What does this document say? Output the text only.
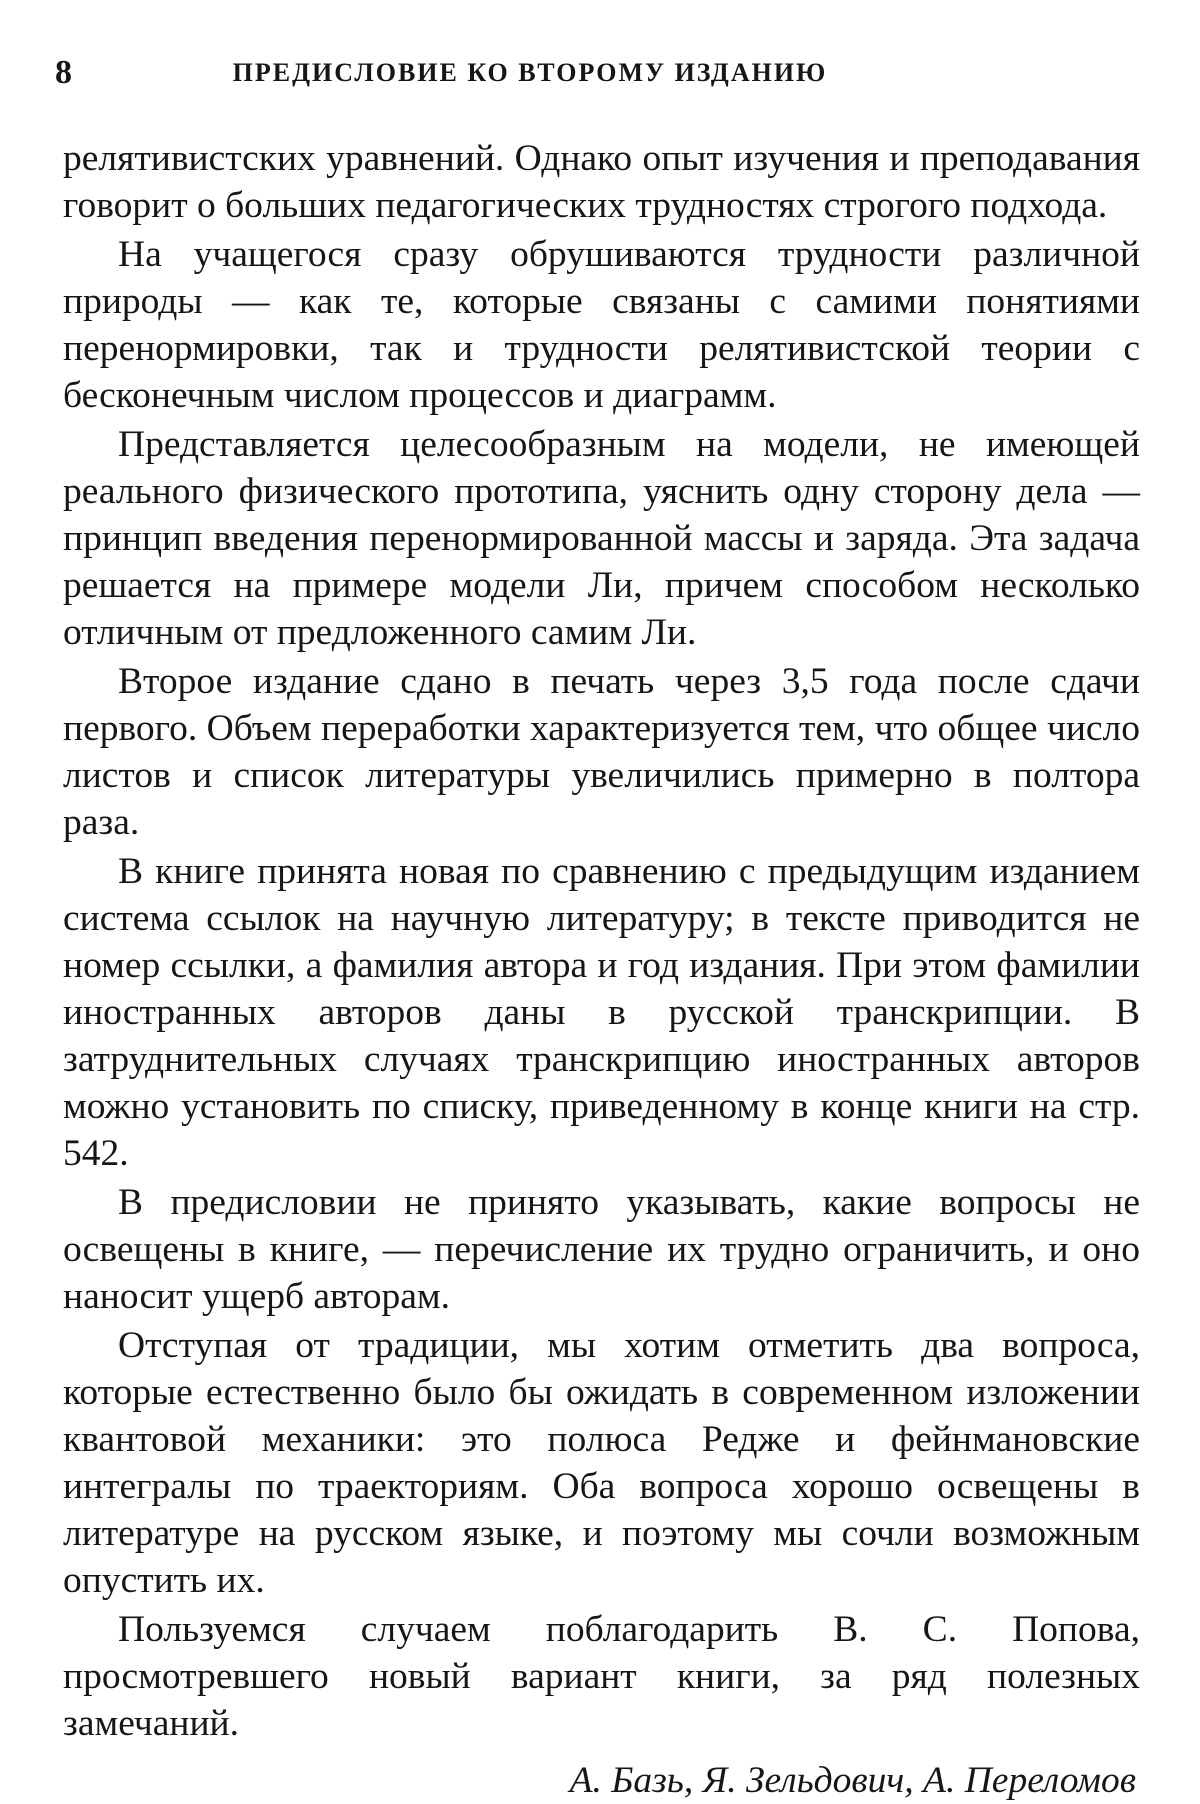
8	ПРЕДИСЛОВИЕ КО ВТОРОМУ ИЗДАНИЮ

релятивистских уравнений. Однако опыт изучения и преподавания говорит о больших педагогических трудностях строгого подхода.

На учащегося сразу обрушиваются трудности различной природы — как те, которые связаны с самими понятиями перенормировки, так и трудности релятивистской теории с бесконечным числом процессов и диаграмм.

Представляется целесообразным на модели, не имеющей реального физического прототипа, уяснить одну сторону дела — принцип введения перенормированной массы и заряда. Эта задача решается на примере модели Ли, причем способом несколько отличным от предложенного самим Ли.

Второе издание сдано в печать через 3,5 года после сдачи первого. Объем переработки характеризуется тем, что общее число листов и список литературы увеличились примерно в полтора раза.

В книге принята новая по сравнению с предыдущим изданием система ссылок на научную литературу; в тексте приводится не номер ссылки, а фамилия автора и год издания. При этом фамилии иностранных авторов даны в русской транскрипции. В затруднительных случаях транскрипцию иностранных авторов можно установить по списку, приведенному в конце книги на стр. 542.

В предисловии не принято указывать, какие вопросы не освещены в книге, — перечисление их трудно ограничить, и оно наносит ущерб авторам.

Отступая от традиции, мы хотим отметить два вопроса, которые естественно было бы ожидать в современном изложении квантовой механики: это полюса Редже и фейнмановские интегралы по траекториям. Оба вопроса хорошо освещены в литературе на русском языке, и поэтому мы сочли возможным опустить их.

Пользуемся случаем поблагодарить В. С. Попова, просмотревшего новый вариант книги, за ряд полезных замечаний.

А. Базь, Я. Зельдович, А. Переломов
